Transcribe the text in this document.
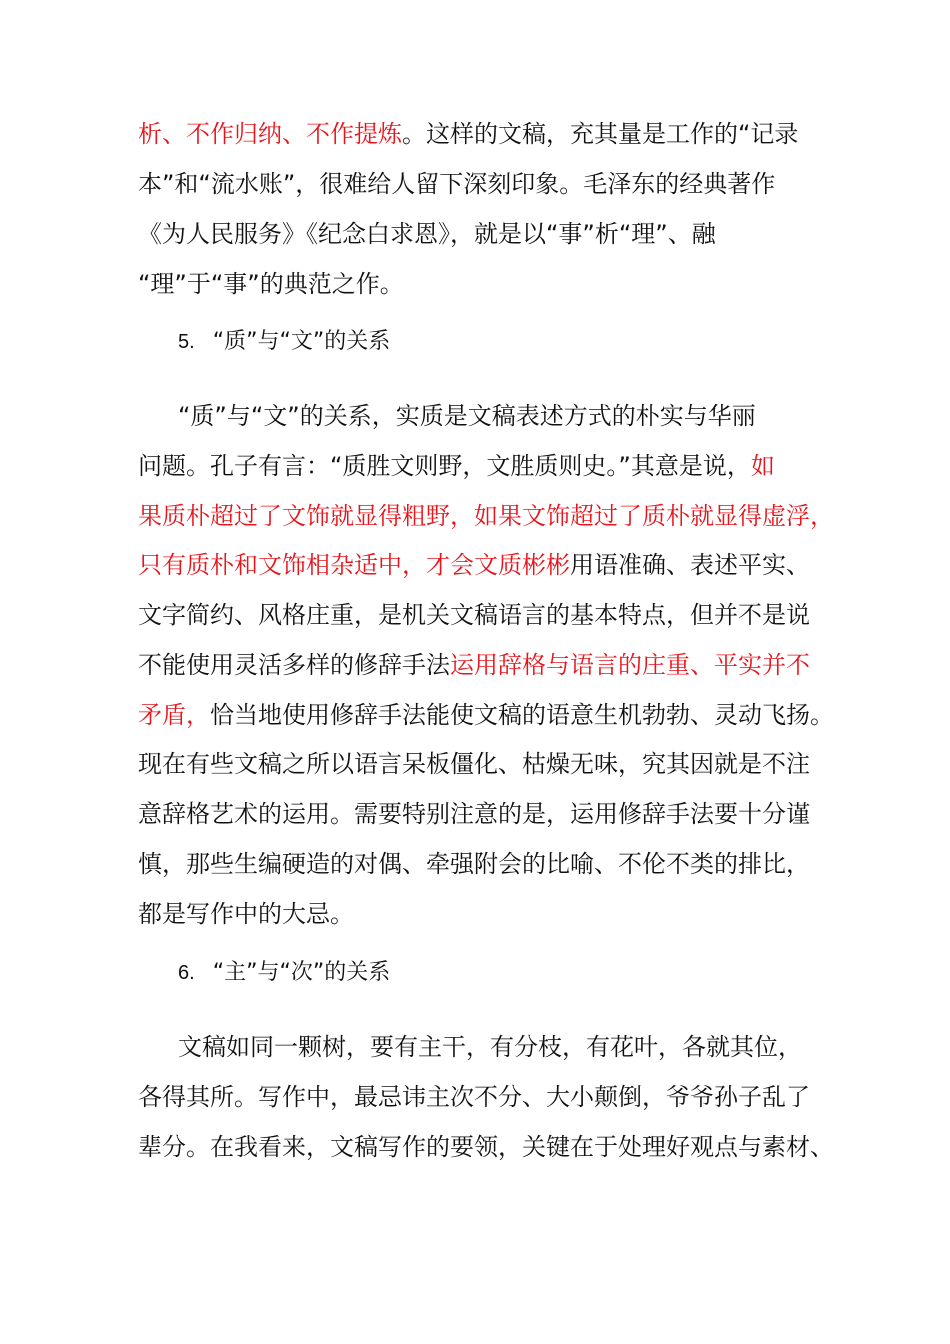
析、不作归纳、不作提炼。这样的文稿，充其量是工作的“记录
本”和“流水账”，很难给人留下深刻印象。毛泽东的经典著作
《为人民服务》《纪念白求恩》，就是以“事”析“理”、融
“理”于“事”的典范之作。
5. “质”与“文”的关系
“质”与“文”的关系，实质是文稿表述方式的朴实与华丽
问题。孔子有言：“质胜文则野，文胜质则史。”其意是说，如
果质朴超过了文饰就显得粗野，如果文饰超过了质朴就显得虚浮，
只有质朴和文饰相杂适中，才会文质彬彬用语准确、表述平实、
文字简约、风格庄重，是机关文稿语言的基本特点，但并不是说
不能使用灵活多样的修辞手法运用辞格与语言的庄重、平实并不
矛盾，恰当地使用修辞手法能使文稿的语意生机勃勃、灵动飞扬。
现在有些文稿之所以语言呆板僵化、枯燥无味，究其因就是不注
意辞格艺术的运用。需要特别注意的是，运用修辞手法要十分谨
慎，那些生编硬造的对偶、牵强附会的比喻、不伦不类的排比，
都是写作中的大忌。
6. “主”与“次”的关系
文稿如同一颗树，要有主干，有分枝，有花叶，各就其位，
各得其所。写作中，最忌讳主次不分、大小颠倒，爷爷孙子乱了
辈分。在我看来，文稿写作的要领，关键在于处理好观点与素材、
